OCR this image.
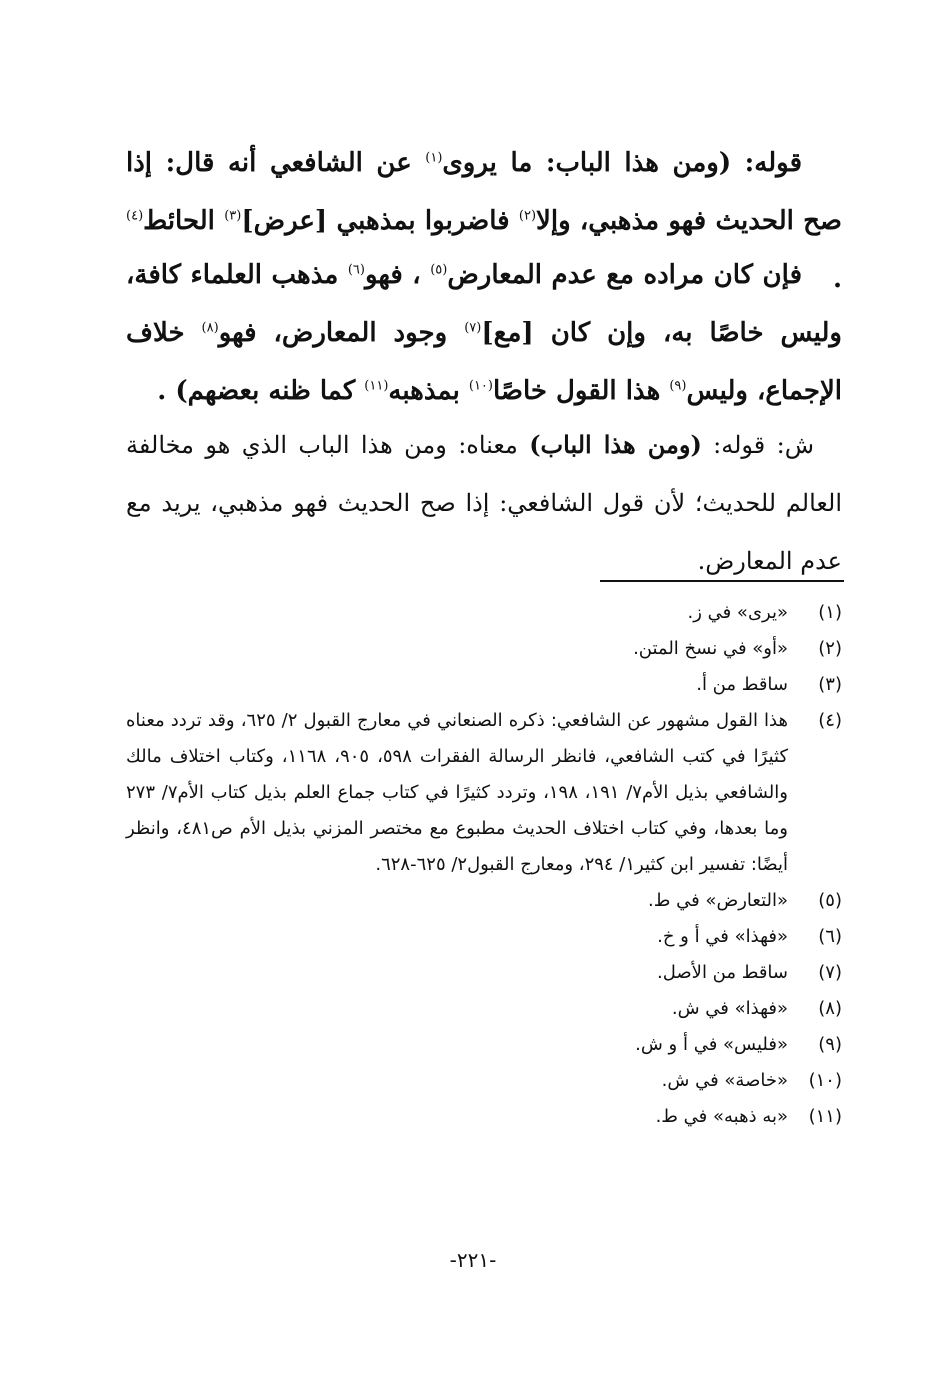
قوله: (ومن هذا الباب: ما يروى$^{(١)}$ عن الشافعي أنه قال: إذا صح الحديث فهو مذهبي، وإلا$^{(٢)}$ فاضربوا بمذهبي [عرض]$^{(٣)}$ الحائط$^{(٤)}$ .

فإن كان مراده مع عدم المعارض$^{(٥)}$ ، فهو$^{(٦)}$ مذهب العلماء كافة، وليس خاصًا به، وإن كان [مع]$^{(٧)}$ وجود المعارض، فهو$^{(٨)}$ خلاف الإجماع، وليس$^{(٩)}$ هذا القول خاصًا$^{(١٠)}$ بمذهبه$^{(١١)}$ كما ظنه بعضهم) .

ش: قوله: (ومن هذا الباب) معناه: ومن هذا الباب الذي هو مخالفة العالم للحديث؛ لأن قول الشافعي: إذا صح الحديث فهو مذهبي، يريد مع عدم المعارض.

(١)
«يرى» في ز.
(٢)
«أو» في نسخ المتن.
(٣)
ساقط من أ.
(٤)
هذا القول مشهور عن الشافعي: ذكره الصنعاني في معارج القبول ٢/ ٦٢٥، وقد تردد معناه كثيرًا في كتب الشافعي، فانظر الرسالة الفقرات ٥٩٨، ٩٠٥، ١١٦٨، وكتاب اختلاف مالك والشافعي بذيل الأم٧/ ١٩١، ١٩٨، وتردد كثيرًا في كتاب جماع العلم بذيل كتاب الأم٧/ ٢٧٣ وما بعدها، وفي كتاب اختلاف الحديث مطبوع مع مختصر المزني بذيل الأم ص٤٨١، وانظر أيضًا: تفسير ابن كثير١/ ٢٩٤، ومعارج القبول٢/ ٦٢٥-٦٢٨.
(٥)
«التعارض» في ط.
(٦)
«فهذا» في أ و خ.
(٧)
ساقط من الأصل.
(٨)
«فهذا» في ش.
(٩)
«فليس» في أ و ش.
(١٠)
«خاصة» في ش.
(١١)
«به ذهبه» في ط.
-٢٢١-
